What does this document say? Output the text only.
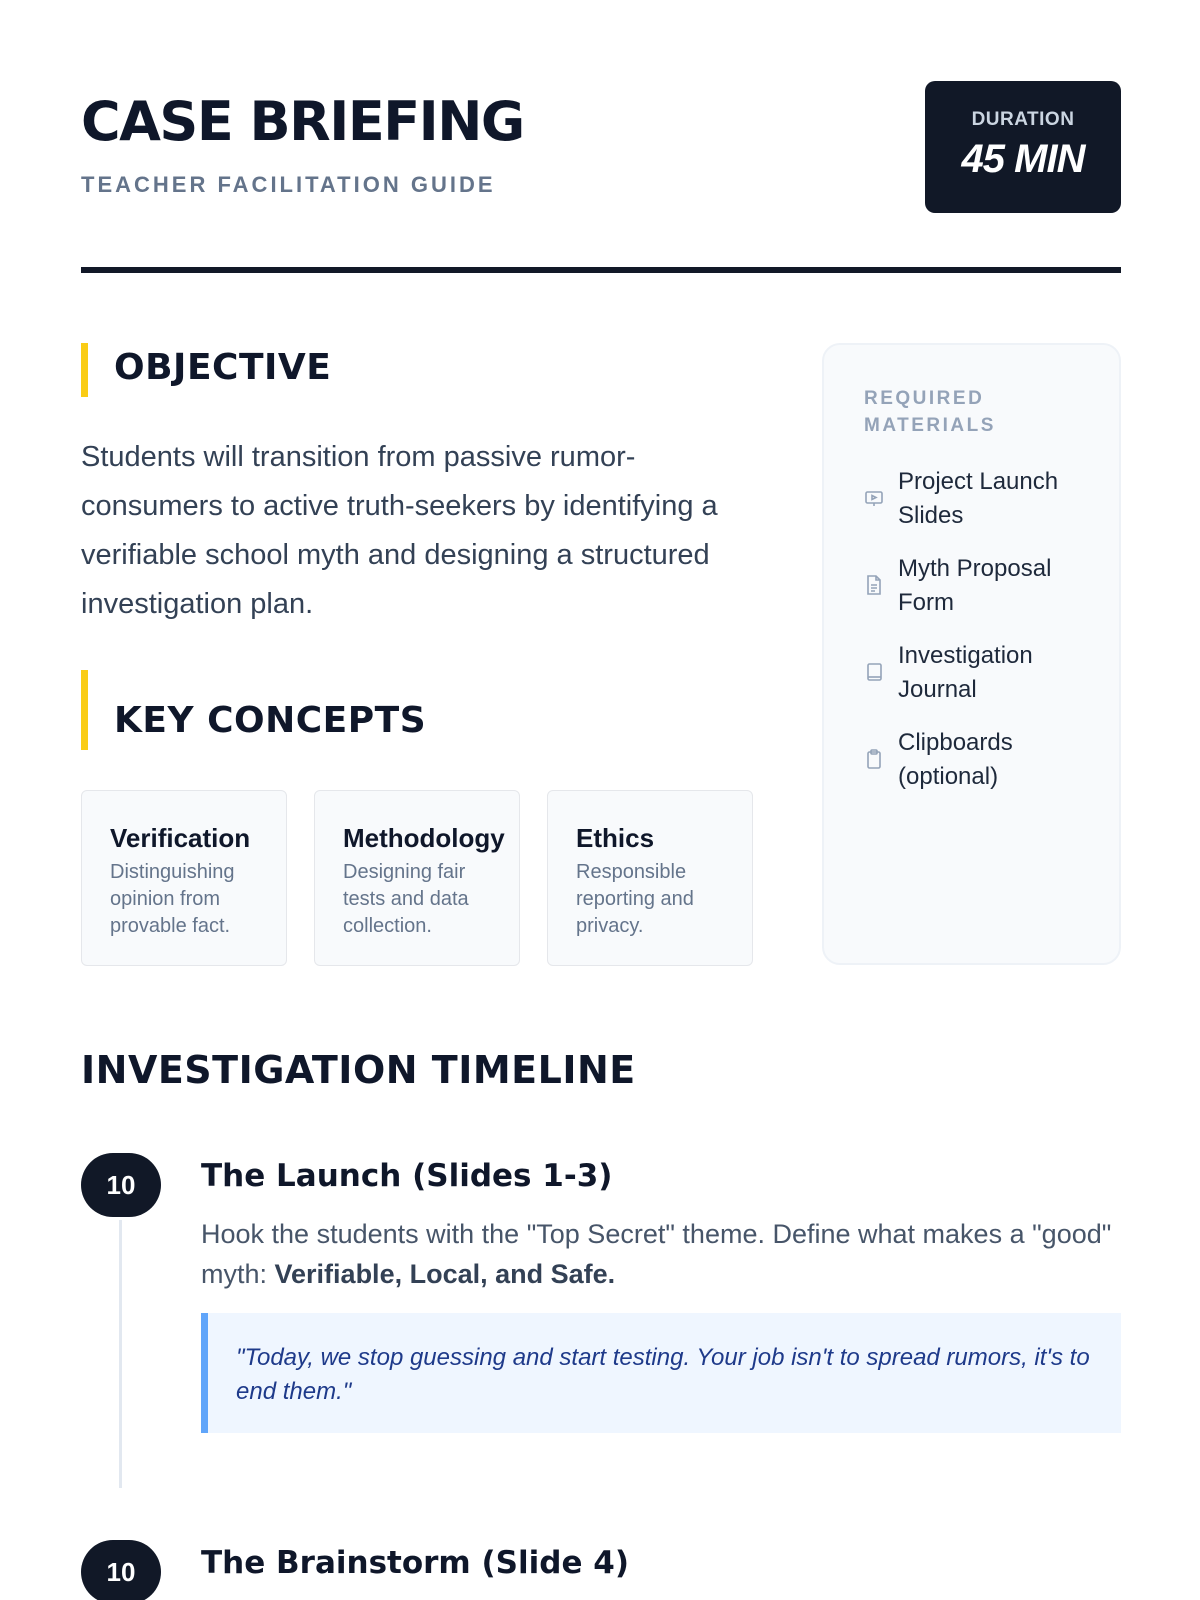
CASE BRIEFING
TEACHER FACILITATION GUIDE
DURATION
45 MIN
OBJECTIVE

Students will transition from passive rumor-consumers to active truth-seekers by identifying a verifiable school myth and designing a structured investigation plan.

KEY CONCEPTS
Verification
Distinguishing opinion from provable fact.
Methodology
Designing fair tests and data collection.
Ethics
Responsible reporting and privacy.
REQUIRED MATERIALS
Project Launch Slides
Myth Proposal Form
Investigation Journal
Clipboards (optional)
INVESTIGATION TIMELINE
10	The Launch (Slides 1-3)

Hook the students with the "Top Secret" theme. Define what makes a "good" myth: Verifiable, Local, and Safe.

"Today, we stop guessing and start testing. Your job isn't to spread rumors, it's to end them."
10	The Brainstorm (Slide 4)
